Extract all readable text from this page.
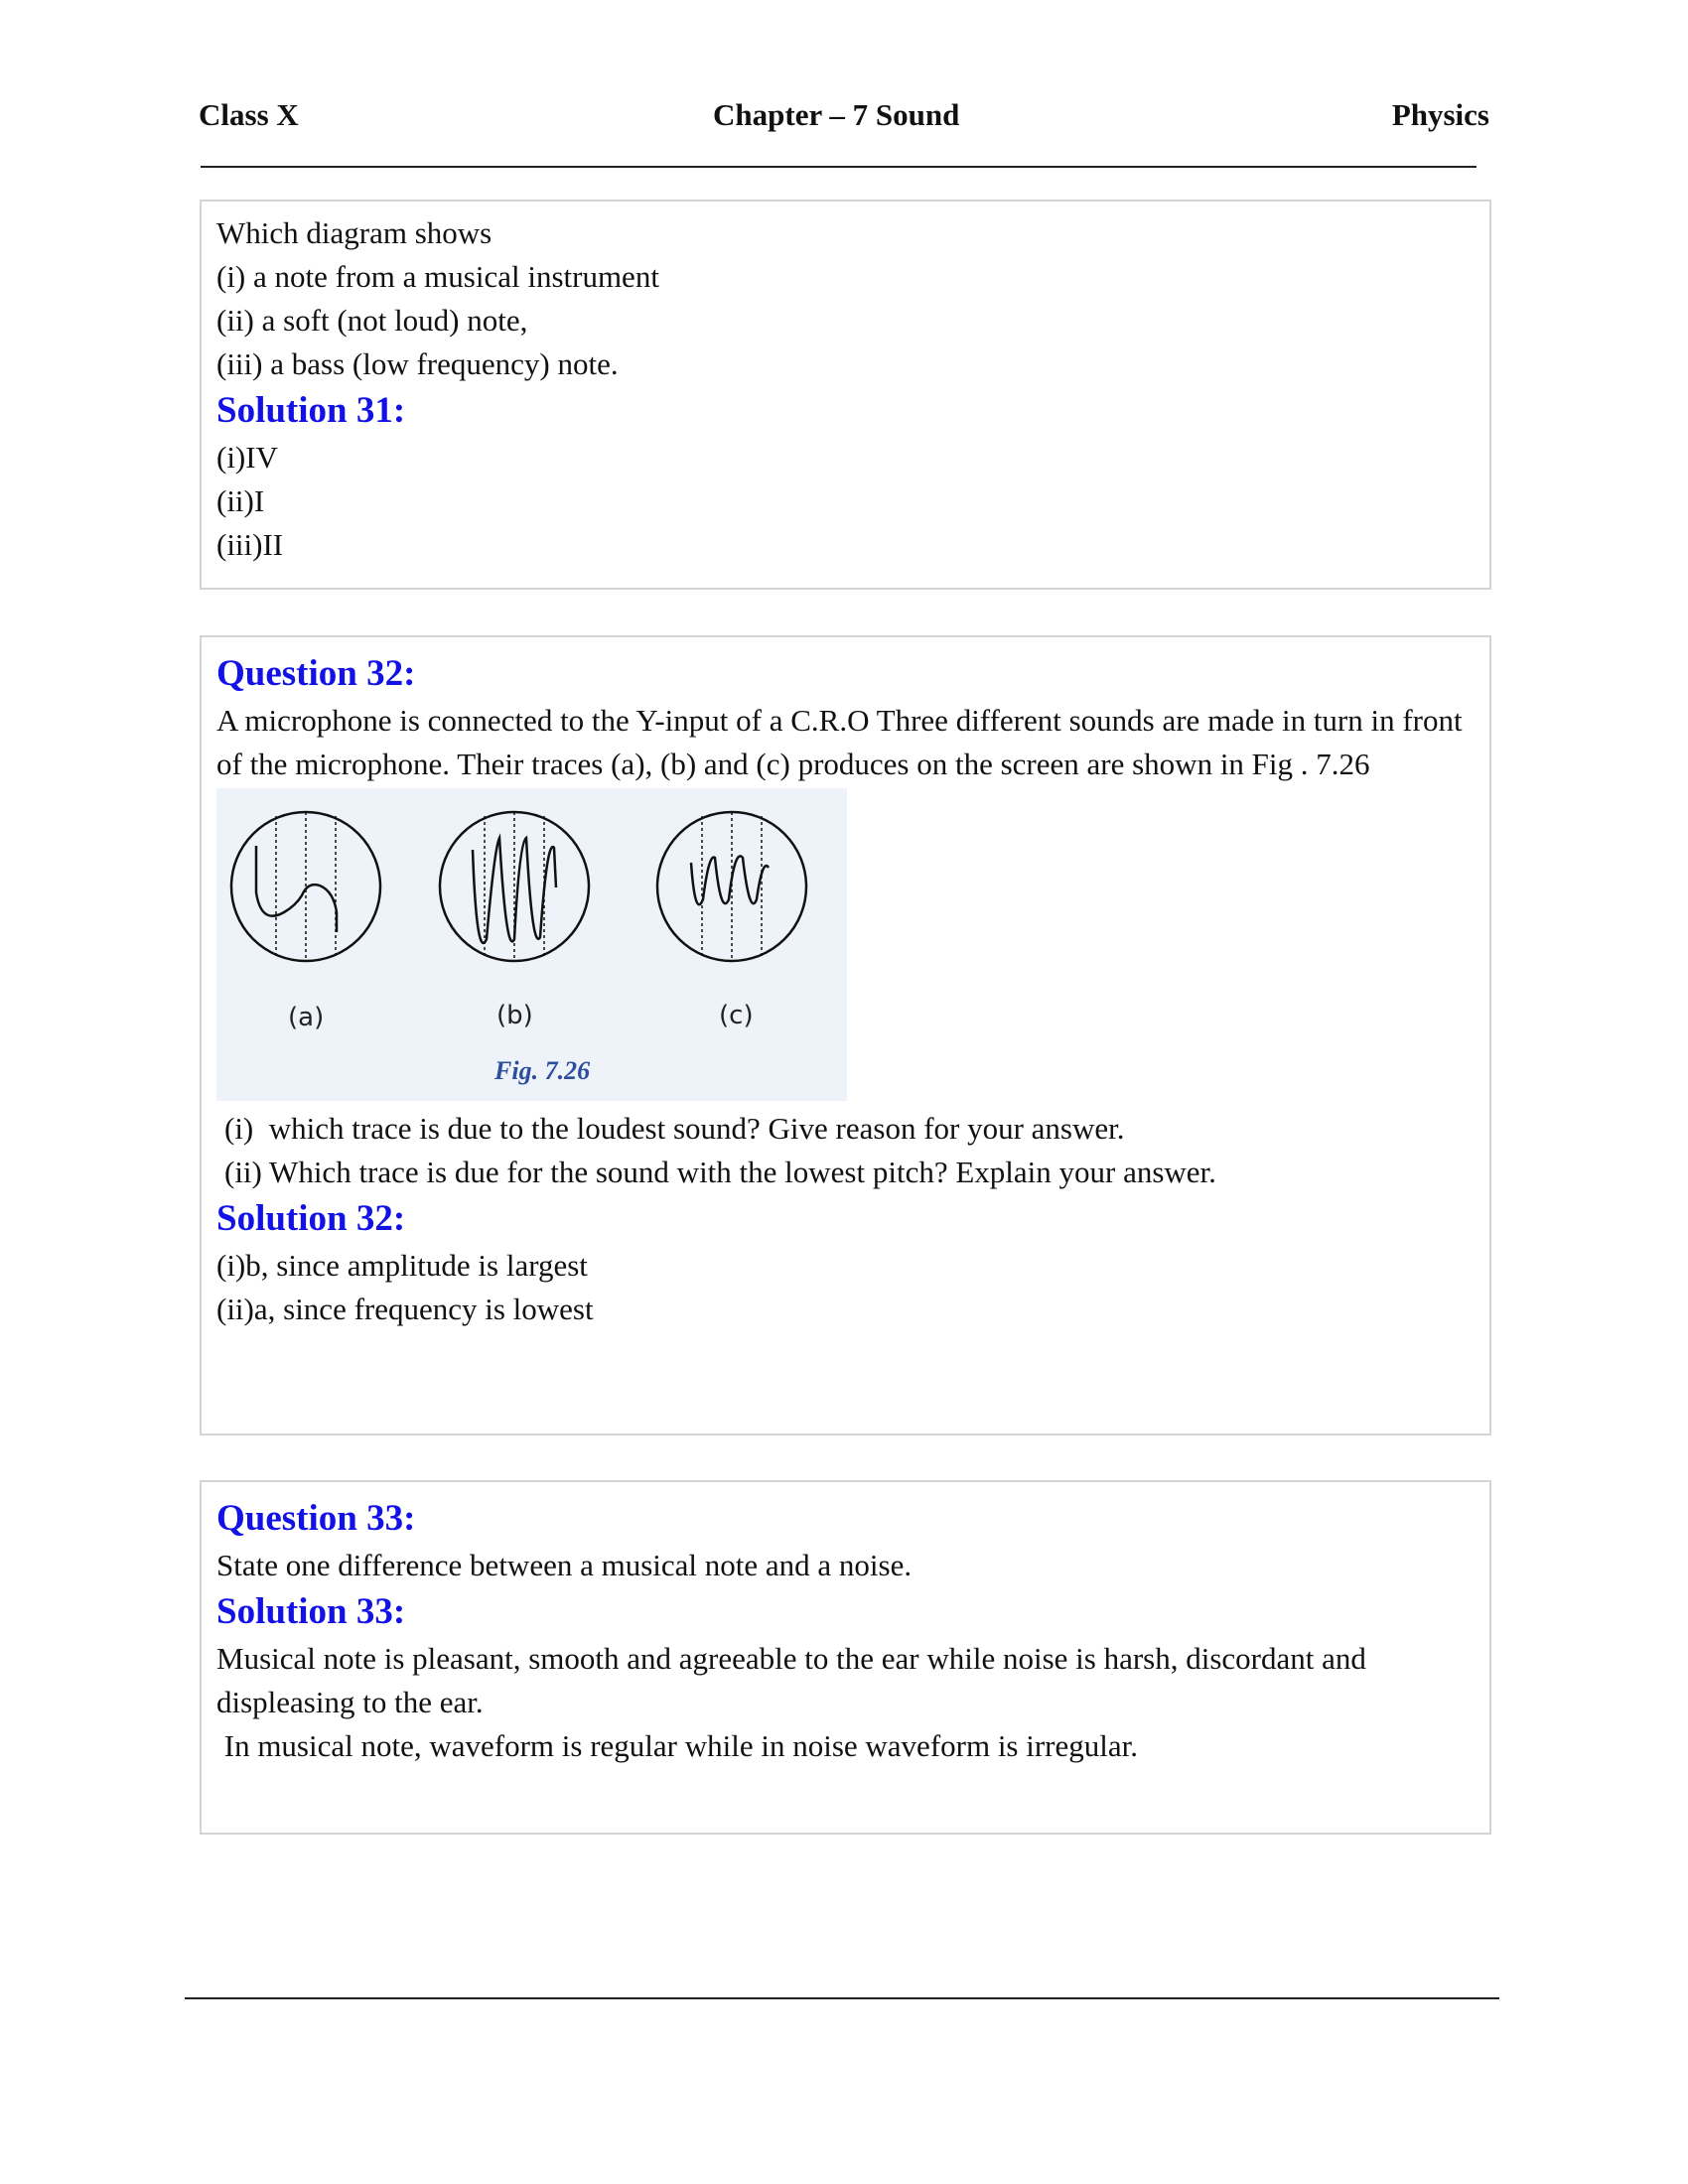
Class X	Chapter – 7 Sound	Physics
Which diagram shows
(i) a note from a musical instrument
(ii) a soft (not loud) note,
(iii) a bass (low frequency) note.
Solution 31:
(i)IV
(ii)I
(iii)II
Question 32:
A microphone is connected to the Y-input of a C.R.O Three different sounds are made in turn in front of the microphone. Their traces (a), (b) and (c) produces on the screen are shown in Fig . 7.26
(a)	(b)	(c)
Fig. 7.26
(i)  which trace is due to the loudest sound? Give reason for your answer.
(ii) Which trace is due for the sound with the lowest pitch? Explain your answer.
Solution 32:
(i)b, since amplitude is largest
(ii)a, since frequency is lowest
Question 33:
State one difference between a musical note and a noise.
Solution 33:
Musical note is pleasant, smooth and agreeable to the ear while noise is harsh, discordant and displeasing to the ear.
In musical note, waveform is regular while in noise waveform is irregular.
